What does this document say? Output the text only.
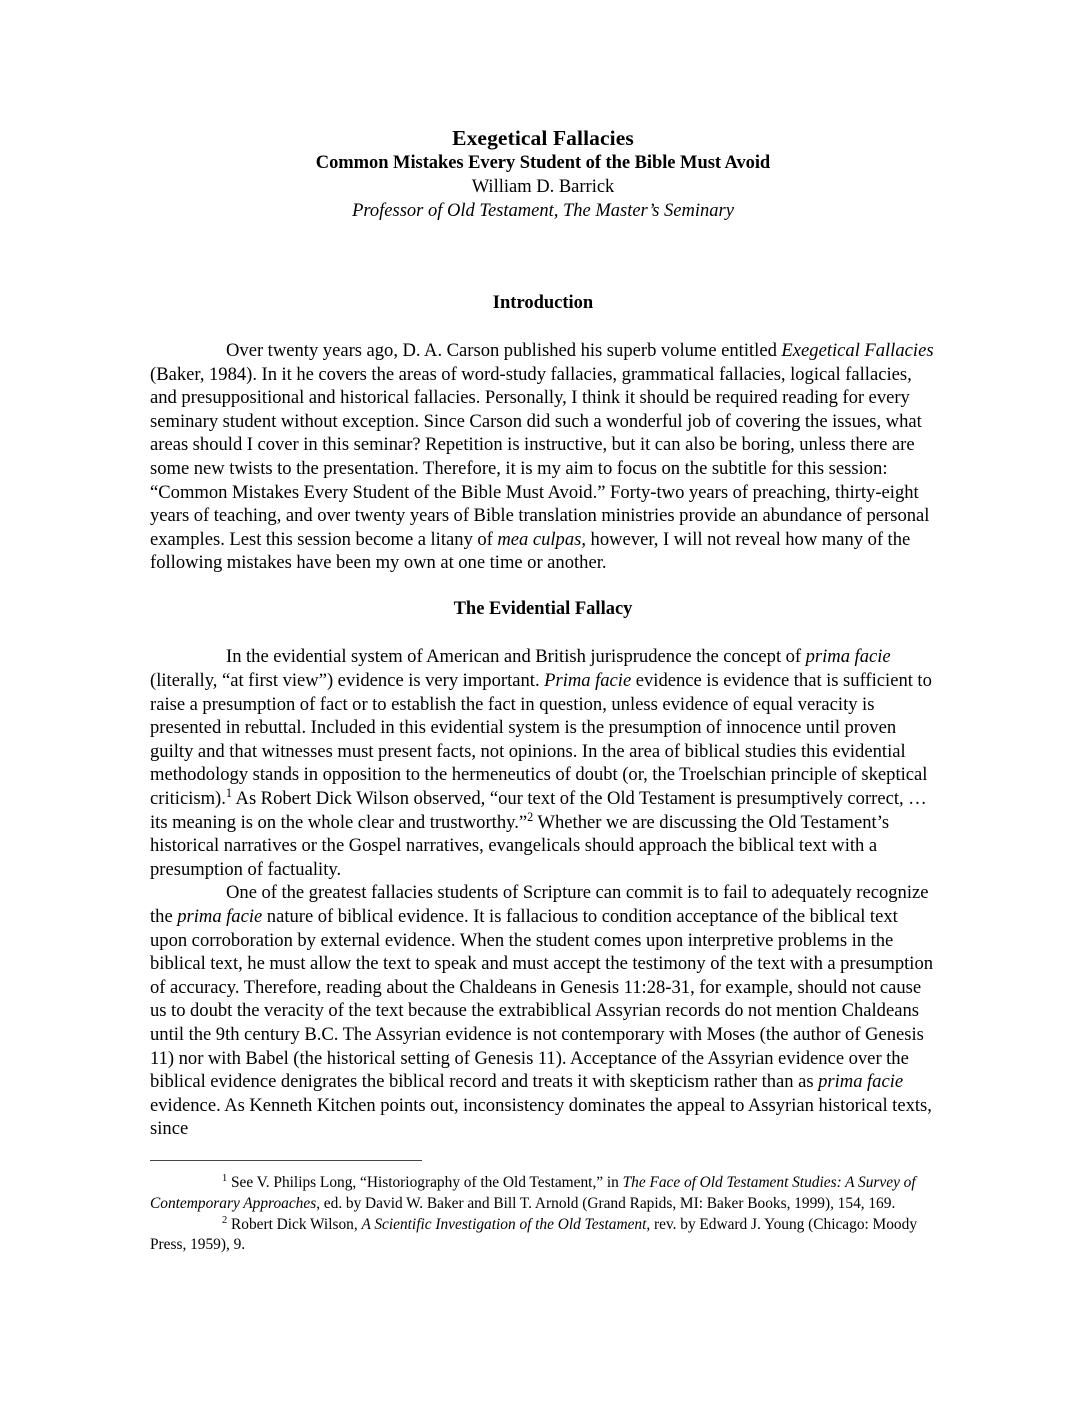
Exegetical Fallacies
Common Mistakes Every Student of the Bible Must Avoid
William D. Barrick
Professor of Old Testament, The Master’s Seminary
Introduction

Over twenty years ago, D. A. Carson published his superb volume entitled Exegetical Fallacies (Baker, 1984). In it he covers the areas of word-study fallacies, grammatical fallacies, logical fallacies, and presuppositional and historical fallacies. Personally, I think it should be required reading for every seminary student without exception. Since Carson did such a wonderful job of covering the issues, what areas should I cover in this seminar? Repetition is instructive, but it can also be boring, unless there are some new twists to the presentation. Therefore, it is my aim to focus on the subtitle for this session: “Common Mistakes Every Student of the Bible Must Avoid.” Forty-two years of preaching, thirty-eight years of teaching, and over twenty years of Bible translation ministries provide an abundance of personal examples. Lest this session become a litany of mea culpas, however, I will not reveal how many of the following mistakes have been my own at one time or another.

The Evidential Fallacy

In the evidential system of American and British jurisprudence the concept of prima facie (literally, “at first view”) evidence is very important. Prima facie evidence is evidence that is sufficient to raise a presumption of fact or to establish the fact in question, unless evidence of equal veracity is presented in rebuttal. Included in this evidential system is the presumption of innocence until proven guilty and that witnesses must present facts, not opinions. In the area of biblical studies this evidential methodology stands in opposition to the hermeneutics of doubt (or, the Troelschian principle of skeptical criticism).$^1$ As Robert Dick Wilson observed, “our text of the Old Testament is presumptively correct, … its meaning is on the whole clear and trustworthy.”$^2$ Whether we are discussing the Old Testament’s historical narratives or the Gospel narratives, evangelicals should approach the biblical text with a presumption of factuality.

One of the greatest fallacies students of Scripture can commit is to fail to adequately recognize the prima facie nature of biblical evidence. It is fallacious to condition acceptance of the biblical text upon corroboration by external evidence. When the student comes upon interpretive problems in the biblical text, he must allow the text to speak and must accept the testimony of the text with a presumption of accuracy. Therefore, reading about the Chaldeans in Genesis 11:28-31, for example, should not cause us to doubt the veracity of the text because the extrabiblical Assyrian records do not mention Chaldeans until the 9th century B.C. The Assyrian evidence is not contemporary with Moses (the author of Genesis 11) nor with Babel (the historical setting of Genesis 11). Acceptance of the Assyrian evidence over the biblical evidence denigrates the biblical record and treats it with skepticism rather than as prima facie evidence. As Kenneth Kitchen points out, inconsistency dominates the appeal to Assyrian historical texts, since

$^1$ See V. Philips Long, “Historiography of the Old Testament,” in The Face of Old Testament Studies: A Survey of Contemporary Approaches, ed. by David W. Baker and Bill T. Arnold (Grand Rapids, MI: Baker Books, 1999), 154, 169.

$^2$ Robert Dick Wilson, A Scientific Investigation of the Old Testament, rev. by Edward J. Young (Chicago: Moody Press, 1959), 9.
